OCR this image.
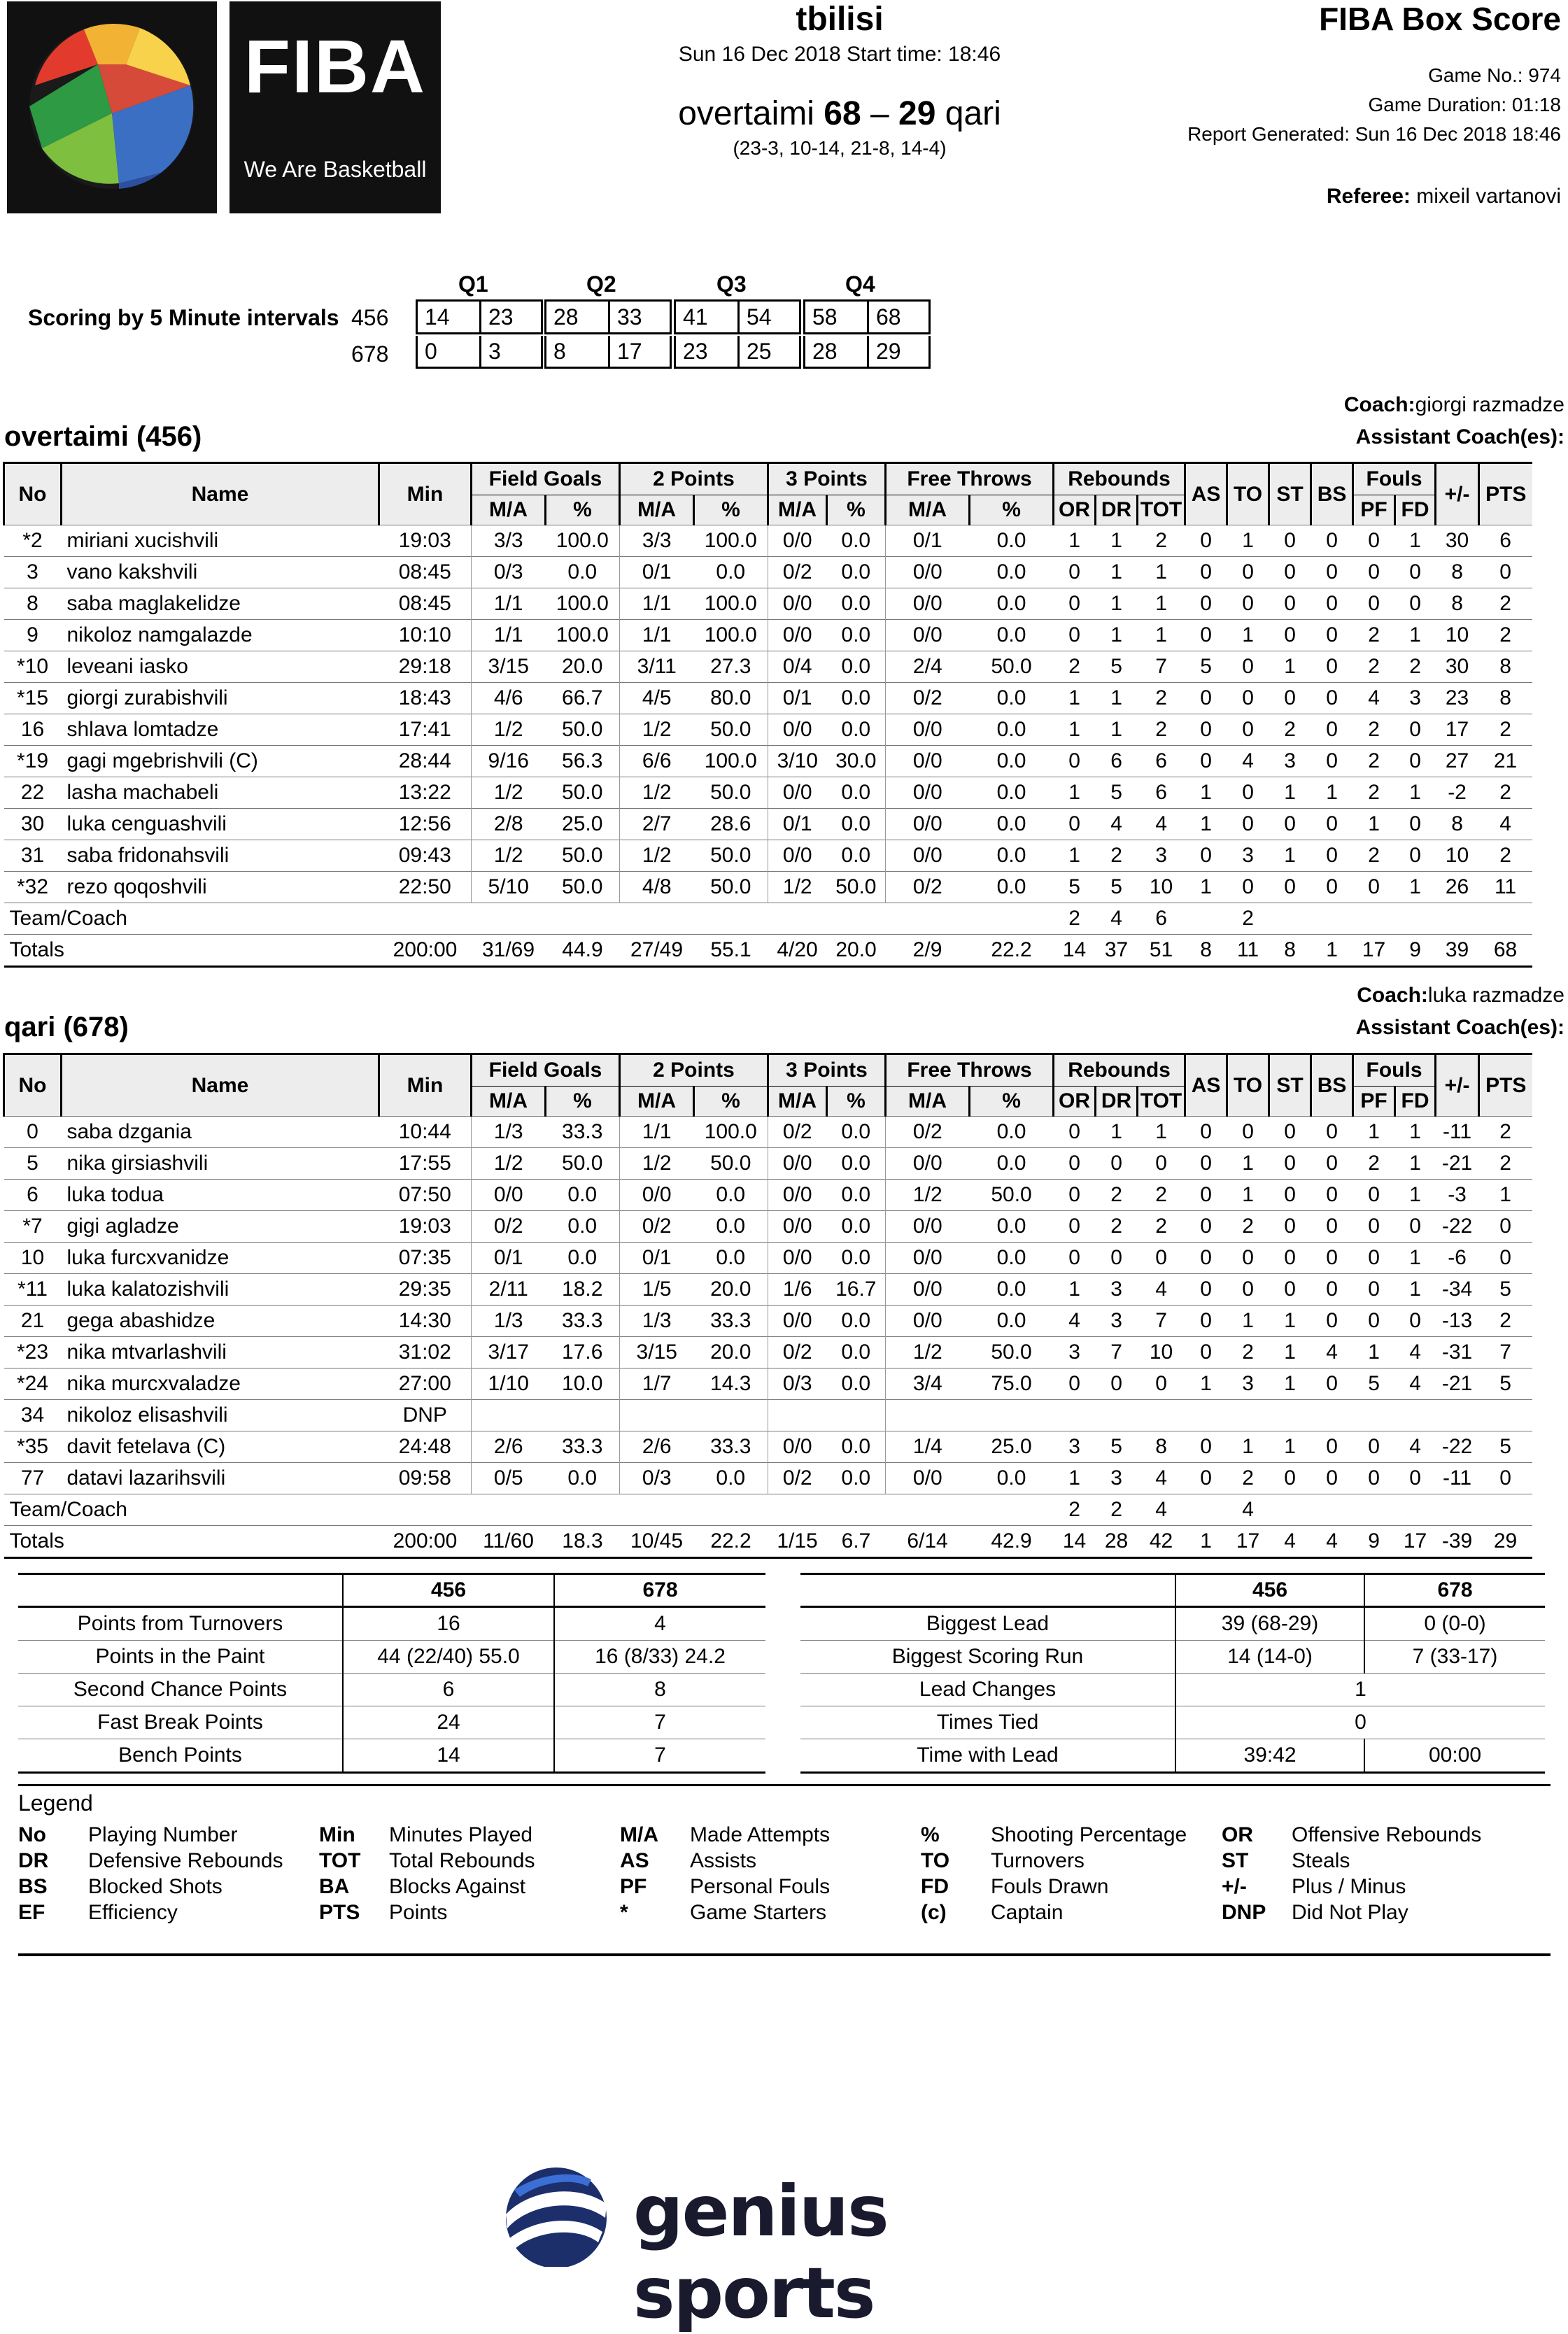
FIBA
We Are Basketball
tbilisi
Sun 16 Dec 2018 Start time: 18:46
overtaimi 68 – 29 qari
(23-3, 10-14, 21-8, 14-4)
FIBA Box Score
Game No.: 974
Game Duration: 01:18
Report Generated: Sun 16 Dec 2018 18:46
Referee: mixeil vartanovi
Scoring by 5 Minute intervals
Q1	Q2	Q3	Q4
456
678
14	23	28	33	41	54	58	68
0	3	8	17	23	25	28	29
Coach:giorgi razmadze
Assistant Coach(es):
overtaimi (456)
No	Name	Min	Field Goals		2 Points		3 Points		Free Throws		Rebounds			AS	TO	ST	BS	Fouls		+/-	PTS
			M/A	%	M/A	%	M/A	%	M/A	%	OR	DR	TOT					PF	FD		
*2	miriani xucishvili	19:03	3/3	100.0	3/3	100.0	0/0	0.0	0/1	0.0	1	1	2	0	1	0	0	0	1	30	6
3	vano kakshvili	08:45	0/3	0.0	0/1	0.0	0/2	0.0	0/0	0.0	0	1	1	0	0	0	0	0	0	8	0
8	saba maglakelidze	08:45	1/1	100.0	1/1	100.0	0/0	0.0	0/0	0.0	0	1	1	0	0	0	0	0	0	8	2
9	nikoloz namgalazde	10:10	1/1	100.0	1/1	100.0	0/0	0.0	0/0	0.0	0	1	1	0	1	0	0	2	1	10	2
*10	leveani iasko	29:18	3/15	20.0	3/11	27.3	0/4	0.0	2/4	50.0	2	5	7	5	0	1	0	2	2	30	8
*15	giorgi zurabishvili	18:43	4/6	66.7	4/5	80.0	0/1	0.0	0/2	0.0	1	1	2	0	0	0	0	4	3	23	8
16	shlava lomtadze	17:41	1/2	50.0	1/2	50.0	0/0	0.0	0/0	0.0	1	1	2	0	0	2	0	2	0	17	2
*19	gagi mgebrishvili (C)	28:44	9/16	56.3	6/6	100.0	3/10	30.0	0/0	0.0	0	6	6	0	4	3	0	2	0	27	21
22	lasha machabeli	13:22	1/2	50.0	1/2	50.0	0/0	0.0	0/0	0.0	1	5	6	1	0	1	1	2	1	-2	2
30	luka cenguashvili	12:56	2/8	25.0	2/7	28.6	0/1	0.0	0/0	0.0	0	4	4	1	0	0	0	1	0	8	4
31	saba fridonahsvili	09:43	1/2	50.0	1/2	50.0	0/0	0.0	0/0	0.0	1	2	3	0	3	1	0	2	0	10	2
*32	rezo qoqoshvili	22:50	5/10	50.0	4/8	50.0	1/2	50.0	0/2	0.0	5	5	10	1	0	0	0	0	1	26	11
Team/Coach											2	4	6		2						
Totals		200:00	31/69	44.9	27/49	55.1	4/20	20.0	2/9	22.2	14	37	51	8	11	8	1	17	9	39	68
Coach:luka razmadze
Assistant Coach(es):
qari (678)
No	Name	Min	Field Goals		2 Points		3 Points		Free Throws		Rebounds			AS	TO	ST	BS	Fouls		+/-	PTS
			M/A	%	M/A	%	M/A	%	M/A	%	OR	DR	TOT					PF	FD		
0	saba dzgania	10:44	1/3	33.3	1/1	100.0	0/2	0.0	0/2	0.0	0	1	1	0	0	0	0	1	1	-11	2
5	nika girsiashvili	17:55	1/2	50.0	1/2	50.0	0/0	0.0	0/0	0.0	0	0	0	0	1	0	0	2	1	-21	2
6	luka todua	07:50	0/0	0.0	0/0	0.0	0/0	0.0	1/2	50.0	0	2	2	0	1	0	0	0	1	-3	1
*7	gigi agladze	19:03	0/2	0.0	0/2	0.0	0/0	0.0	0/0	0.0	0	2	2	0	2	0	0	0	0	-22	0
10	luka furcxvanidze	07:35	0/1	0.0	0/1	0.0	0/0	0.0	0/0	0.0	0	0	0	0	0	0	0	0	1	-6	0
*11	luka kalatozishvili	29:35	2/11	18.2	1/5	20.0	1/6	16.7	0/0	0.0	1	3	4	0	0	0	0	0	1	-34	5
21	gega abashidze	14:30	1/3	33.3	1/3	33.3	0/0	0.0	0/0	0.0	4	3	7	0	1	1	0	0	0	-13	2
*23	nika mtvarlashvili	31:02	3/17	17.6	3/15	20.0	0/2	0.0	1/2	50.0	3	7	10	0	2	1	4	1	4	-31	7
*24	nika murcxvaladze	27:00	1/10	10.0	1/7	14.3	0/3	0.0	3/4	75.0	0	0	0	1	3	1	0	5	4	-21	5
34	nikoloz elisashvili	DNP																			
*35	davit fetelava (C)	24:48	2/6	33.3	2/6	33.3	0/0	0.0	1/4	25.0	3	5	8	0	1	1	0	0	4	-22	5
77	datavi lazarihsvili	09:58	0/5	0.0	0/3	0.0	0/2	0.0	0/0	0.0	1	3	4	0	2	0	0	0	0	-11	0
Team/Coach											2	2	4		4						
Totals		200:00	11/60	18.3	10/45	22.2	1/15	6.7	6/14	42.9	14	28	42	1	17	4	4	9	17	-39	29
	456	678
Points from Turnovers	16	4
Points in the Paint	44 (22/40) 55.0	16 (8/33) 24.2
Second Chance Points	6	8
Fast Break Points	24	7
Bench Points	14	7
	456	678
Biggest Lead	39 (68-29)	0 (0-0)
Biggest Scoring Run	14 (14-0)	7 (33-17)
Lead Changes	1	
Times Tied	0	
Time with Lead	39:42	00:00
Legend
No	Playing Number	Min	Minutes Played	M/A	Made Attempts	%	Shooting Percentage	OR	Offensive Rebounds
DR	Defensive Rebounds	TOT	Total Rebounds	AS	Assists	TO	Turnovers	ST	Steals
BS	Blocked Shots	BA	Blocks Against	PF	Personal Fouls	FD	Fouls Drawn	+/-	Plus / Minus
EF	Efficiency	PTS	Points	*	Game Starters	(c)	Captain	DNP	Did Not Play
genius sports
